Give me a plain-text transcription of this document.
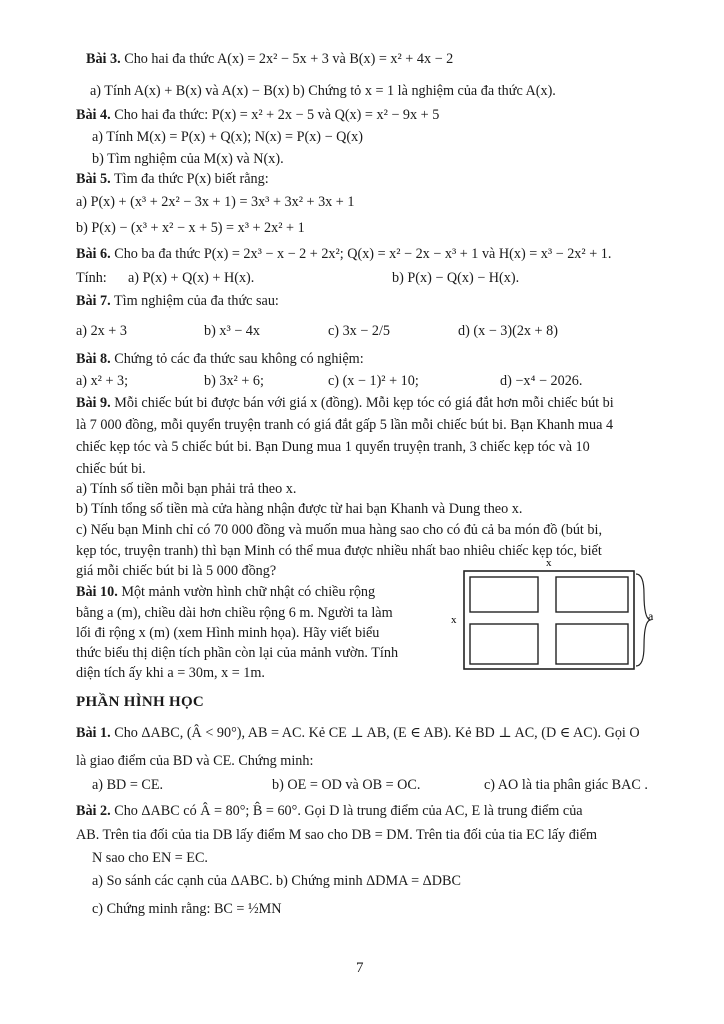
Bài 3. Cho hai đa thức A(x) = 2x² − 5x + 3 và B(x) = x² + 4x − 2
a) Tính A(x) + B(x) và A(x) − B(x) b) Chứng tỏ x = 1 là nghiệm của đa thức A(x).
Bài 4. Cho hai đa thức: P(x) = x² + 2x − 5 và Q(x) = x² − 9x + 5
a) Tính M(x) = P(x) + Q(x); N(x) = P(x) − Q(x)
b) Tìm nghiệm của M(x) và N(x).
Bài 5. Tìm đa thức P(x) biết rằng:
a) P(x) + (x³ + 2x² − 3x + 1) = 3x³ + 3x² + 3x + 1
b) P(x) − (x³ + x² − x + 5) = x³ + 2x² + 1
Bài 6. Cho ba đa thức P(x) = 2x³ − x − 2 + 2x²; Q(x) = x² − 2x − x³ + 1 và H(x) = x³ − 2x² + 1.
Tính: a) P(x) + Q(x) + H(x).	b) P(x) − Q(x) − H(x).
Bài 7. Tìm nghiệm của đa thức sau:
a) 2x + 3	b) x³ − 4x	c) 3x − 2/5	d) (x − 3)(2x + 8)
Bài 8. Chứng tỏ các đa thức sau không có nghiệm:
a) x² + 3;	b) 3x² + 6;	c) (x − 1)² + 10;	d) −x⁴ − 2026.
Bài 9. Mỗi chiếc bút bi được bán với giá x (đồng). Mỗi kẹp tóc có giá đắt hơn mỗi chiếc bút bi
là 7 000 đồng, mỗi quyển truyện tranh có giá đắt gấp 5 lần mỗi chiếc bút bi. Bạn Khanh mua 4
chiếc kẹp tóc và 5 chiếc bút bi. Bạn Dung mua 1 quyển truyện tranh, 3 chiếc kẹp tóc và 10
chiếc bút bi.
a) Tính số tiền mỗi bạn phải trả theo x.
b) Tính tổng số tiền mà cửa hàng nhận được từ hai bạn Khanh và Dung theo x.
c) Nếu bạn Minh chỉ có 70 000 đồng và muốn mua hàng sao cho có đủ cả ba món đồ (bút bi,
kẹp tóc, truyện tranh) thì bạn Minh có thể mua được nhiều nhất bao nhiêu chiếc kẹp tóc, biết
giá mỗi chiếc bút bi là 5 000 đồng?
Bài 10. Một mảnh vườn hình chữ nhật có chiều rộng
bằng a (m), chiều dài hơn chiều rộng 6 m. Người ta làm
lối đi rộng x (m) (xem Hình minh họa). Hãy viết biểu
thức biểu thị diện tích phần còn lại của mảnh vườn. Tính
diện tích ấy khi a = 30m, x = 1m.
x
x	a
PHẦN HÌNH HỌC
Bài 1. Cho ΔABC, (Â < 90°), AB = AC. Kẻ CE ⊥ AB, (E ∈ AB). Kẻ BD ⊥ AC, (D ∈ AC). Gọi O
là giao điểm của BD và CE. Chứng minh:
a) BD = CE.	b) OE = OD và OB = OC.	c) AO là tia phân giác BAC .
Bài 2. Cho ΔABC có Â = 80°; B̂ = 60°. Gọi D là trung điểm của AC, E là trung điểm của
AB. Trên tia đối của tia DB lấy điểm M sao cho DB = DM. Trên tia đối của tia EC lấy điểm
N sao cho EN = EC.
a) So sánh các cạnh của ΔABC. b) Chứng minh ΔDMA = ΔDBC
c) Chứng minh rằng: BC = ½MN
7
